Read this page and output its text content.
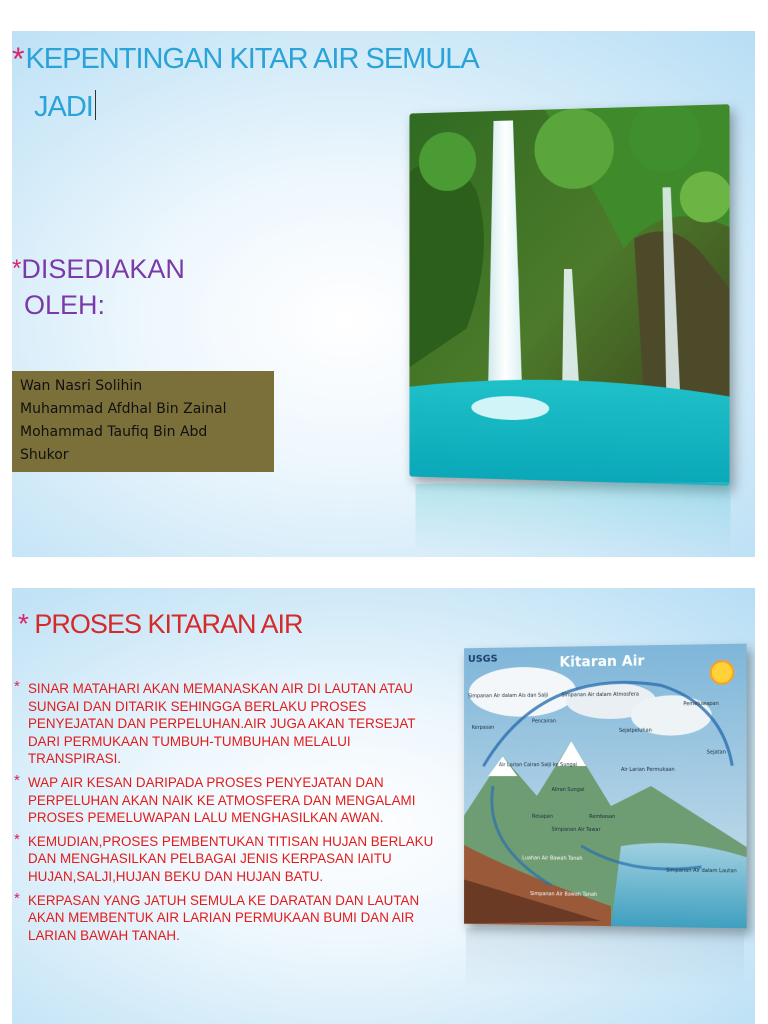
*KEPENTINGAN KITAR AIR SEMULA
JADI
*DISEDIAKAN
OLEH:
Wan Nasri Solihin
Muhammad Afdhal Bin Zainal
Mohammad Taufiq Bin Abd
Shukor
* PROSES KITARAN AIR
* SINAR MATAHARI AKAN MEMANASKAN AIR DI LAUTAN ATAU SUNGAI DAN DITARIK SEHINGGA BERLAKU PROSES PENYEJATAN DAN PERPELUHAN.AIR JUGA AKAN TERSEJAT DARI PERMUKAAN TUMBUH-TUMBUHAN MELALUI TRANSPIRASI.
* WAP AIR KESAN DARIPADA PROSES PENYEJATAN DAN PERPELUHAN AKAN NAIK KE ATMOSFERA DAN MENGALAMI PROSES PEMELUWAPAN LALU MENGHASILKAN AWAN.
* KEMUDIAN,PROSES PEMBENTUKAN TITISAN HUJAN BERLAKU DAN MENGHASILKAN PELBAGAI JENIS KERPASAN IAITU HUJAN,SALJI,HUJAN BEKU DAN HUJAN BATU.
* KERPASAN YANG JATUH SEMULA KE DARATAN DAN LAUTAN AKAN MEMBENTUK AIR LARIAN PERMUKAAN BUMI DAN AIR LARIAN BAWAH TANAH.
USGS	Kitaran Air
Simpanan Air dalam Ais dan Salji	Simpanan Air dalam Atmosfera
Pemeluwapan
Kerpasan
Pencairan
Sejatpeluhan
Sejatan
Air Larian Cairan Salji ke Sungai
Air Larian Permukaan
Aliran Sungai
Simpanan Air Tawar
Resapan	Rembesan
Luahan Air Bawah Tanah
Simpanan Air Bawah Tanah
Simpanan Air dalam Lautan
